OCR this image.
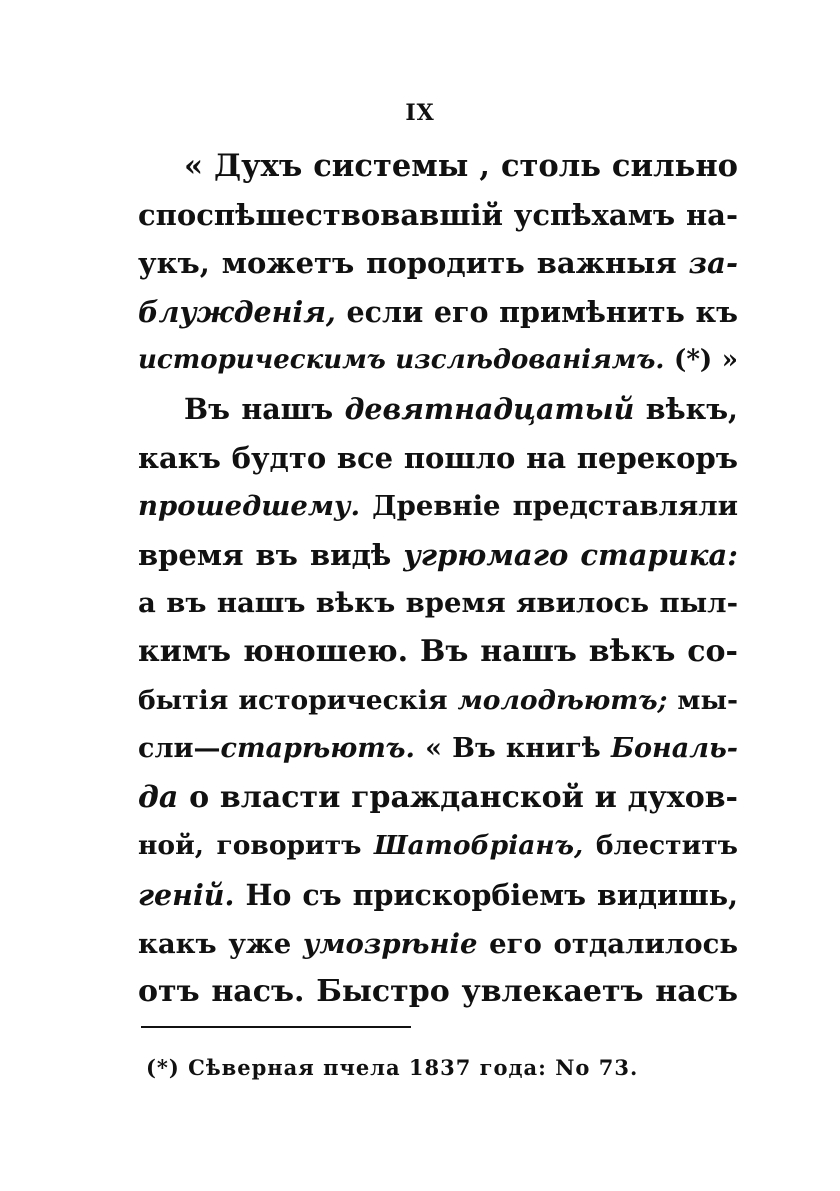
IX
« Духъ системы , столь сильно
споспѣшествовавшій успѣхамъ на-
укъ, можетъ породить важныя за-
блужденія, если его примѣнить къ
историческимъ изслѣдованіямъ. (*) »
Въ нашъ девятнадцатый вѣкъ,
какъ будто все пошло на перекоръ
прошедшему. Древніе представляли
время въ видѣ угрюмаго старика:
а въ нашъ вѣкъ время явилось пыл-
кимъ юношею. Въ нашъ вѣкъ со-
бытія историческія молодѣютъ; мы-
сли—старѣютъ. « Въ книгѣ Бональ-
да о власти гражданской и духов-
ной, говоритъ Шатобріанъ, блеститъ
геній. Но съ прискорбіемъ видишь,
какъ уже умозрѣніе его отдалилось
отъ насъ. Быстро увлекаетъ насъ
(*) Сѣверная пчела 1837 года: No 73.
